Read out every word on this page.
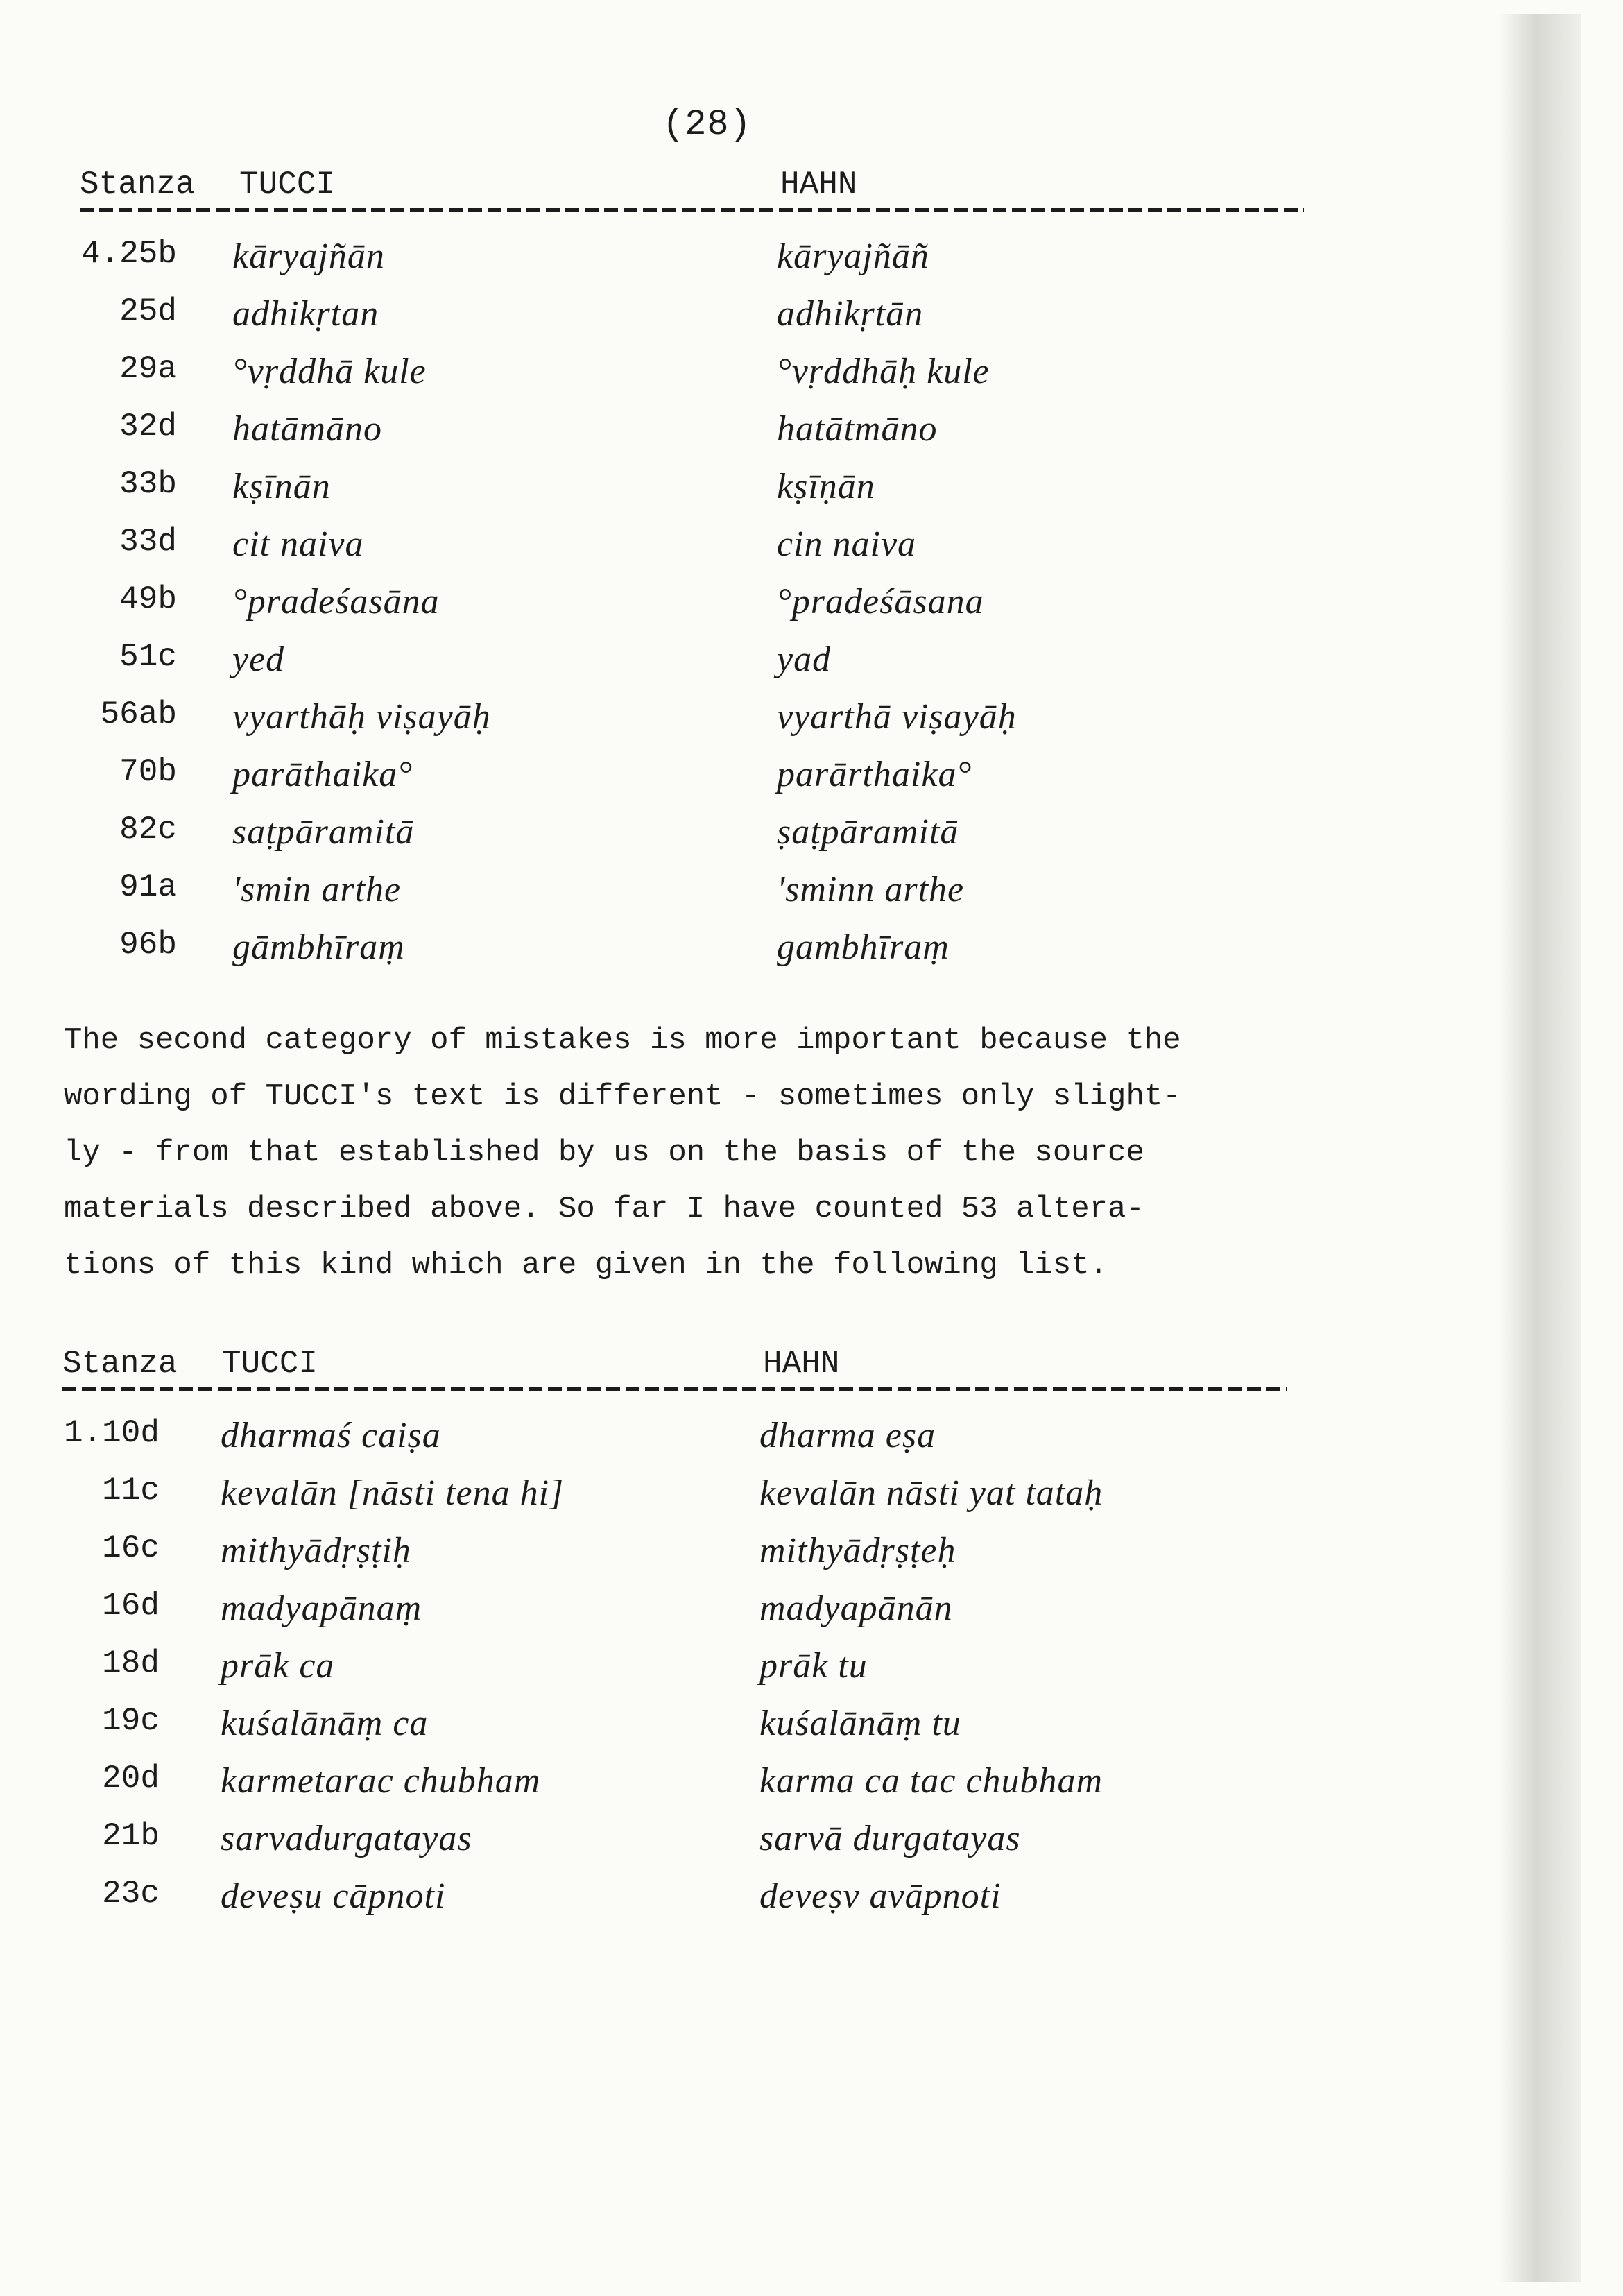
(28)
Stanza TUCCI	HAHN
4.25b kāryajñān	kāryajñāñ
25d adhikṛtan	adhikṛtān
29a °vṛddhā kule	°vṛddhāḥ kule
32d hatāmāno	hatātmāno
33b kṣīnān	kṣīṇān
33d cit naiva	cin naiva
49b °pradeśasāna	°pradeśāsana
51c yed	yad
56ab vyarthāḥ viṣayāḥ	vyarthā viṣayāḥ
70b parāthaika°	parārthaika°
82c saṭpāramitā	ṣaṭpāramitā
91a 'smin arthe	'sminn arthe
96b gāmbhīraṃ	gambhīraṃ
The second category of mistakes is more important because the
wording of TUCCI's text is different - sometimes only slight-
ly - from that established by us on the basis of the source
materials described above. So far I have counted 53 altera-
tions of this kind which are given in the following list.
Stanza TUCCI	HAHN
1.10d dharmaś caiṣa	dharma eṣa
11c kevalān [nāsti tena hi]	kevalān nāsti yat tataḥ
16c mithyādṛṣṭiḥ	mithyādṛṣṭeḥ
16d madyapānaṃ	madyapānān
18d prāk ca	prāk tu
19c kuśalānāṃ ca	kuśalānāṃ tu
20d karmetarac chubham	karma ca tac chubham
21b sarvadurgatayas	sarvā durgatayas
23c deveṣu cāpnoti	deveṣv avāpnoti
